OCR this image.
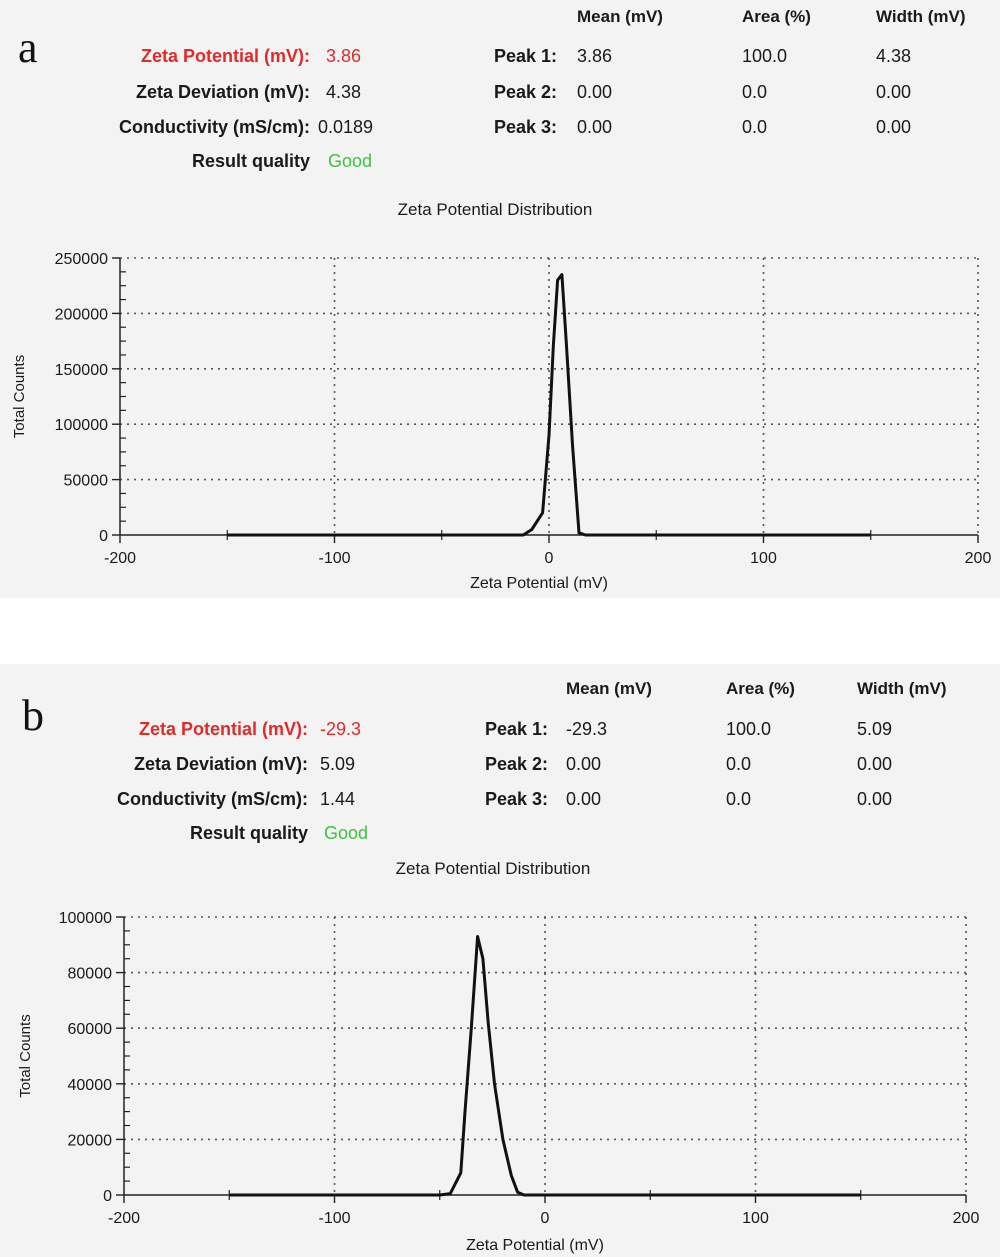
a	Zeta Potential (mV): 3.86
Zeta Deviation (mV): 4.38
Conductivity (mS/cm): 0.0189
Result quality Good
Mean (mV)	Area (%)	Width (mV)
Peak 1: 3.86	100.0	4.38
Peak 2: 0.00	0.0	0.00
Peak 3: 0.00	0.0	0.00
Zeta Potential Distribution
0
50000
100000
150000
200000
250000
-200	-100	0	100	200
Zeta Potential (mV)
Total Counts
b	Zeta Potential (mV): -29.3
Zeta Deviation (mV): 5.09
Conductivity (mS/cm): 1.44
Result quality Good
Mean (mV)	Area (%)	Width (mV)
Peak 1: -29.3	100.0	5.09
Peak 2: 0.00	0.0	0.00
Peak 3: 0.00	0.0	0.00
Zeta Potential Distribution
0
20000
40000
60000
80000
100000
-200	-100	0	100	200
Zeta Potential (mV)
Total Counts
